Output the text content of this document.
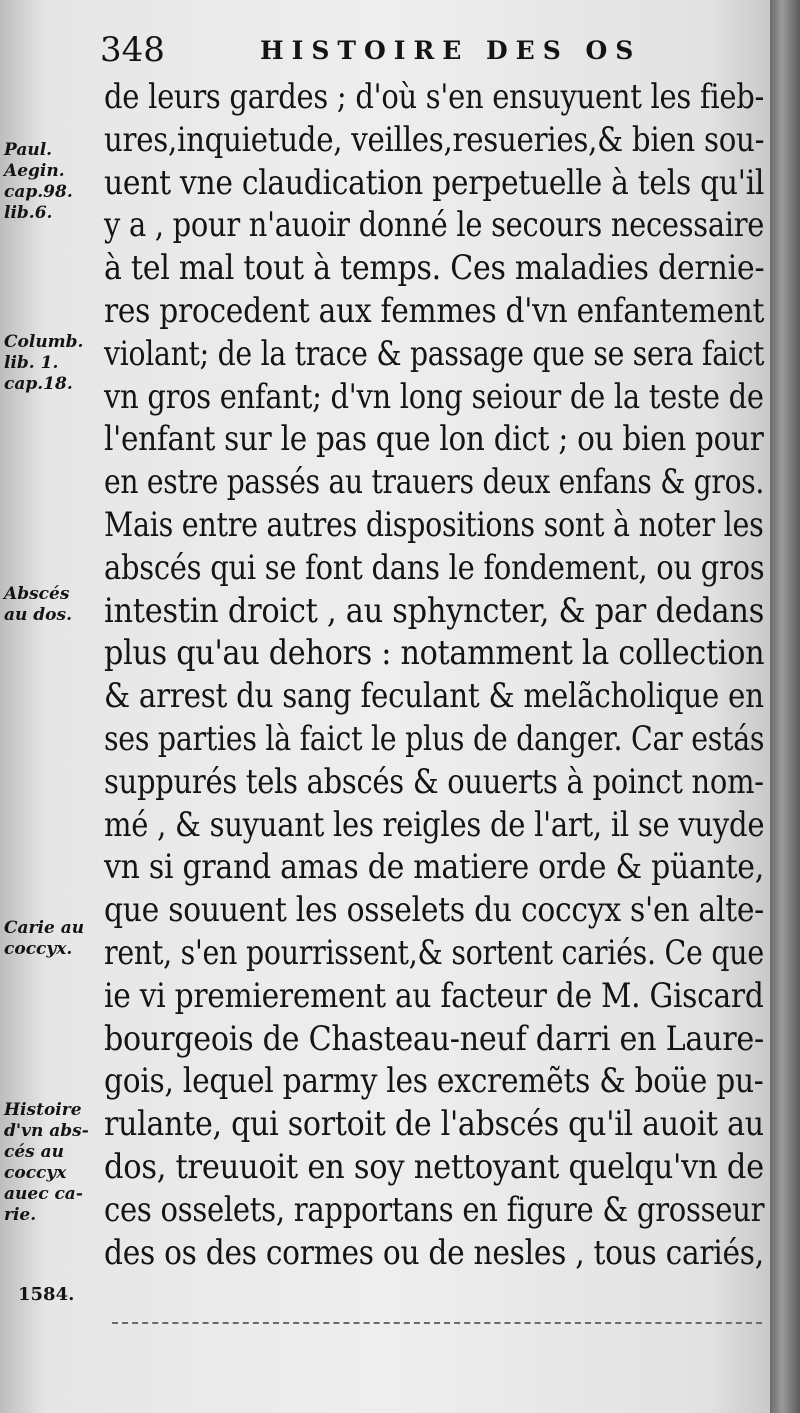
348	HISTOIRE DES OS
de leurs gardes ; d'où s'en ensuyuent les fieb-
ures,inquietude, veilles,resueries,& bien sou-
uent vne claudication perpetuelle à tels qu'il
y a , pour n'auoir donné le secours necessaire
à tel mal tout à temps. Ces maladies dernie-
res procedent aux femmes d'vn enfantement
violant; de la trace & passage que se sera faict
vn gros enfant; d'vn long seiour de la teste de
l'enfant sur le pas que lon dict ; ou bien pour
en estre passés au trauers deux enfans & gros.
Mais entre autres dispositions sont à noter les
abscés qui se font dans le fondement, ou gros
intestin droict , au sphyncter, & par dedans
plus qu'au dehors : notamment la collection
& arrest du sang feculant & melãcholique en
ses parties là faict le plus de danger. Car estás
suppurés tels abscés & ouuerts à poinct nom-
mé , & suyuant les reigles de l'art, il se vuyde
vn si grand amas de matiere orde & püante,
que souuent les osselets du coccyx s'en alte-
rent, s'en pourrissent,& sortent cariés. Ce que
ie vi premierement au facteur de M. Giscard
bourgeois de Chasteau-neuf darri en Laure-
gois, lequel parmy les excremẽts & boüe pu-
rulante, qui sortoit de l'abscés qu'il auoit au
dos, treuuoit en soy nettoyant quelqu'vn de
ces osselets, rapportans en figure & grosseur
des os des cormes ou de nesles , tous cariés,
Paul.
Aegin.
cap.98.
lib.6.
Columb.
lib. 1.
cap.18.
Abscés
au dos.
Carie au
coccyx.
Histoire
d'vn abs-
cés au
coccyx
auec ca-
rie.
1584.
